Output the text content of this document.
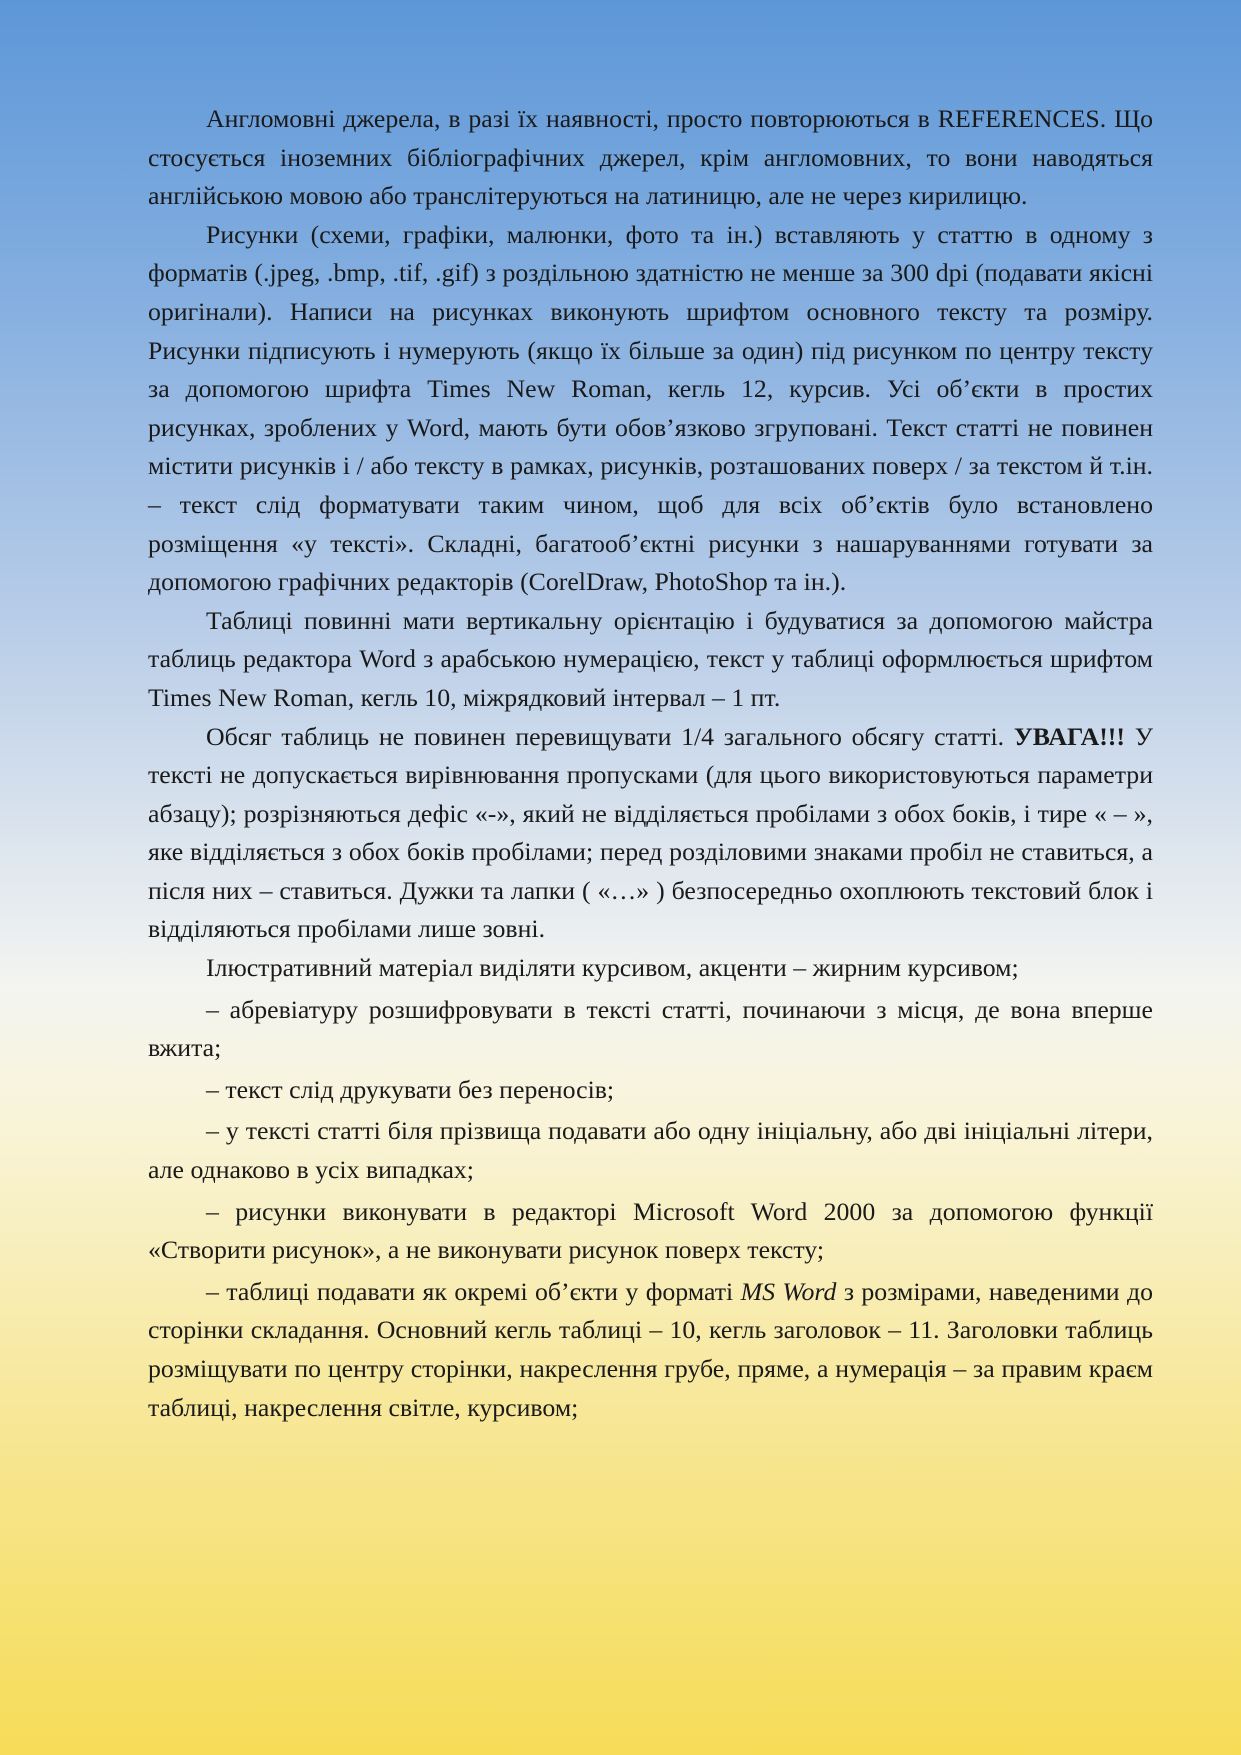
Англомовні джерела, в разі їх наявності, просто повторюються в REFERENCES. Що стосується іноземних бібліографічних джерел, крім англомовних, то вони наводяться англійською мовою або транслітеруються на латиницю, але не через кирилицю.

Рисунки (схеми, графіки, малюнки, фото та ін.) вставляють у статтю в одному з форматів (.jpeg, .bmp, .tif, .gif) з роздільною здатністю не менше за 300 dpi (подавати якісні оригінали). Написи на рисунках виконують шрифтом основного тексту та розміру. Рисунки підписують і нумерують (якщо їх більше за один) під рисунком по центру тексту за допомогою шрифта Times New Roman, кегль 12, курсив. Усі об’єкти в простих рисунках, зроблених у Word, мають бути обов’язково згруповані. Текст статті не повинен містити рисунків і / або тексту в рамках, рисунків, розташованих поверх / за текстом й т.ін. – текст слід форматувати таким чином, щоб для всіх об’єктів було встановлено розміщення «у тексті». Складні, багатооб’єктні рисунки з нашаруваннями готувати за допомогою графічних редакторів (CorelDraw, PhotoShop та ін.).

Таблиці повинні мати вертикальну орієнтацію і будуватися за допомогою майстра таблиць редактора Word з арабською нумерацією, текст у таблиці оформлюється шрифтом Times New Roman, кегль 10, міжрядковий інтервал – 1 пт.

Обсяг таблиць не повинен перевищувати 1/4 загального обсягу статті. УВАГА!!! У тексті не допускається вирівнювання пропусками (для цього використовуються параметри абзацу); розрізняються дефіс «-», який не відділяється пробілами з обох боків, і тире « – », яке відділяється з обох боків пробілами; перед розділовими знаками пробіл не ставиться, а після них – ставиться. Дужки та лапки ( «…» ) безпосередньо охоплюють текстовий блок і відділяються пробілами лише зовні.

Ілюстративний матеріал виділяти курсивом, акценти – жирним курсивом;

– абревіатуру розшифровувати в тексті статті, починаючи з місця, де вона вперше вжита;

– текст слід друкувати без переносів;

– у тексті статті біля прізвища подавати або одну ініціальну, або дві ініціальні літери, але однаково в усіх випадках;

– рисунки виконувати в редакторі Microsoft Word 2000 за допомогою функції «Створити рисунок», а не виконувати рисунок поверх тексту;

– таблиці подавати як окремі об’єкти у форматі MS Word з розмірами, наведеними до сторінки складання. Основний кегль таблиці – 10, кегль заголовок – 11. Заголовки таблиць розміщувати по центру сторінки, накреслення грубе, пряме, а нумерація – за правим краєм таблиці, накреслення світле, курсивом;
